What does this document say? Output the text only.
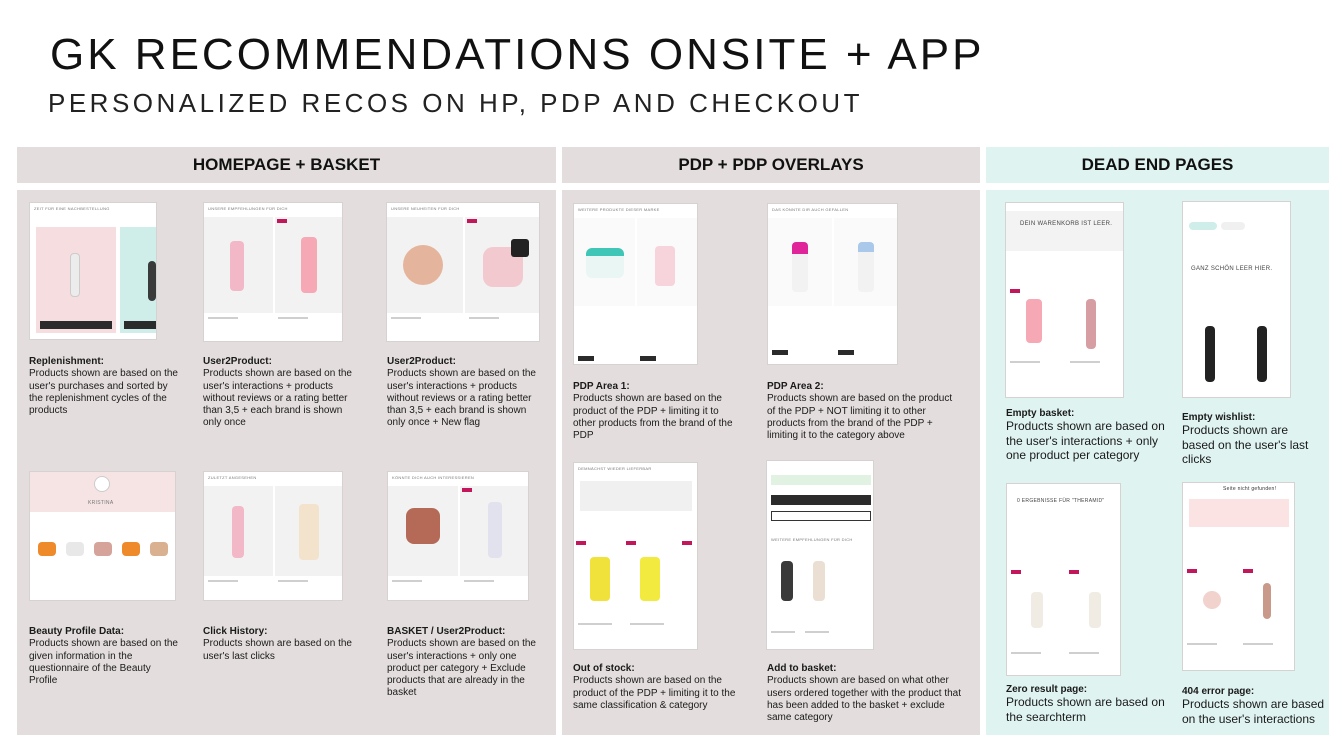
GK RECOMMENDATIONS ONSITE + APP
PERSONALIZED RECOS ON HP, PDP AND CHECKOUT
HOMEPAGE + BASKET	PDP + PDP OVERLAYS	DEAD END PAGES
ZEIT FÜR EINE NACHBESTELLUNG
Replenishment:
Products shown are based on the user's purchases and sorted by the replenishment cycles of the products
UNSERE EMPFEHLUNGEN FÜR DICH
User2Product:
Products shown are based on the user's interactions + products without reviews or a rating better than 3,5 + each brand is shown only once
UNSERE NEUHEITEN FÜR DICH
User2Product:
Products shown are based on the user's interactions + products without reviews or a rating better than 3,5 + each brand is shown only once + New flag
KRISTINA
Beauty Profile Data:
Products shown are based on the given information in the questionnaire of the Beauty Profile
ZULETZT ANGESEHEN
Click History:
Products shown are based on the user's last clicks
KÖNNTE DICH AUCH INTERESSIEREN
BASKET / User2Product:
Products shown are based on the user's interactions + only one product per category + Exclude products that are already in the basket
WEITERE PRODUKTE DIESER MARKE
PDP Area 1:
Products shown are based on the product of the PDP + limiting it to other products from the brand of the PDP
DAS KÖNNTE DIR AUCH GEFALLEN
PDP Area 2:
Products shown are based on the product of the PDP + NOT limiting it to other products from the brand of the PDP + limiting it to the category above
DEMNÄCHST WIEDER LIEFERBAR
Out of stock:
Products shown are based on the product of the PDP + limiting it to the same classification & category
WEITERE EMPFEHLUNGEN FÜR DICH
Add to basket:
Products shown are based on what other users ordered together with the product that has been added to the basket + exclude same category
DEIN WARENKORB IST LEER.
Empty basket:
Products shown are based on the user's interactions + only one product per category
GANZ SCHÖN LEER HIER.
Empty wishlist:
Products shown are based on the user's last clicks
0 ERGEBNISSE FÜR "THERAMID"
Zero result page:
Products shown are based on the searchterm
Seite nicht gefunden!
404 error page:
Products shown are based on the user's interactions
